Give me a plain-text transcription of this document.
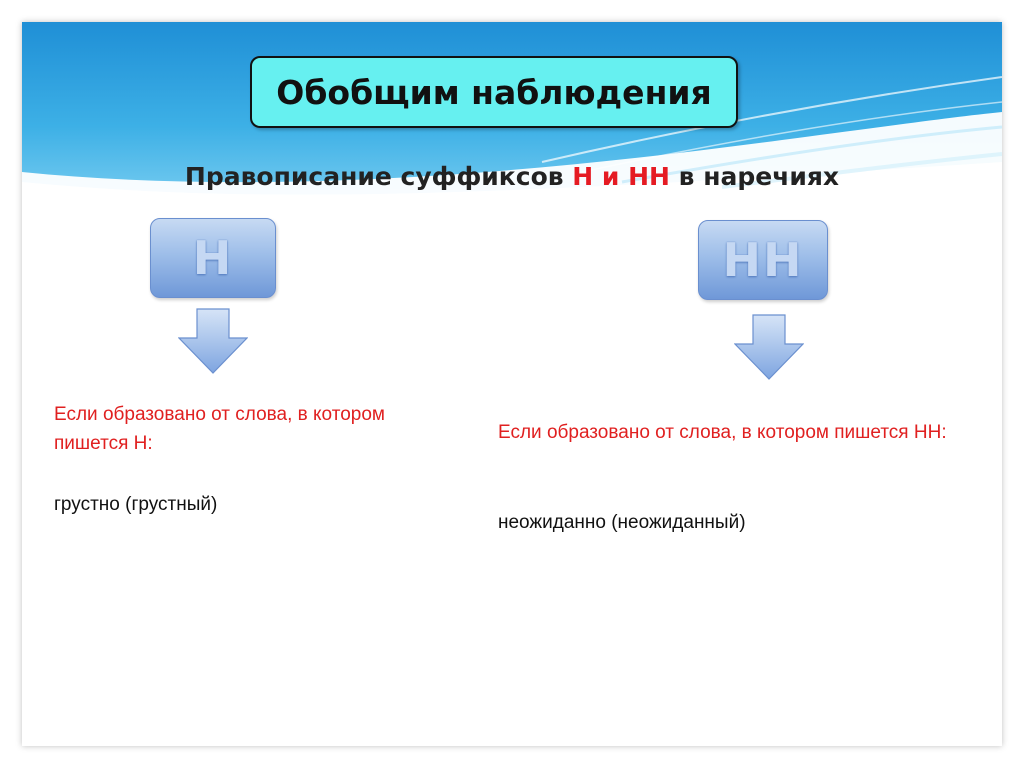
Обобщим наблюдения
Правописание суффиксов Н и НН в наречиях
Н	НН
Если образовано от слова, в котором пишется Н:
грустно (грустный)
Если образовано от слова, в котором пишется НН:
неожиданно (неожиданный)
